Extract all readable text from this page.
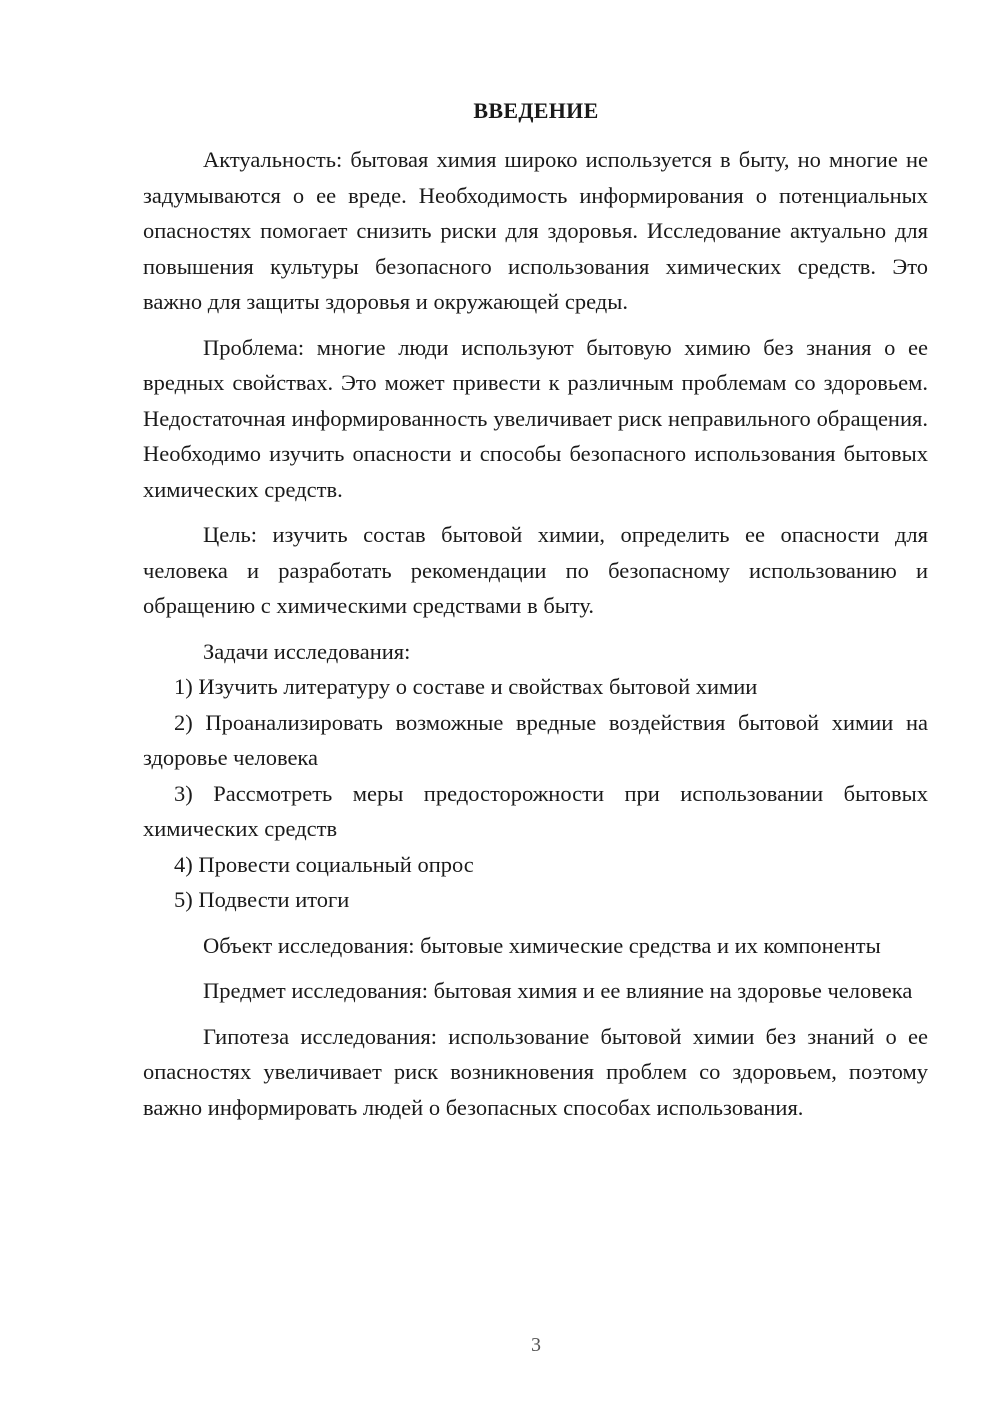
ВВЕДЕНИЕ

Актуальность: бытовая химия широко используется в быту, но многие не задумываются о ее вреде. Необходимость информирования о потенциальных опасностях помогает снизить риски для здоровья. Исследование актуально для повышения культуры безопасного использования химических средств. Это важно для защиты здоровья и окружающей среды.

Проблема: многие люди используют бытовую химию без знания о ее вредных свойствах. Это может привести к различным проблемам со здоровьем. Недостаточная информированность увеличивает риск неправильного обращения. Необходимо изучить опасности и способы безопасного использования бытовых химических средств.

Цель: изучить состав бытовой химии, определить ее опасности для человека и разработать рекомендации по безопасному использованию и обращению с химическими средствами в быту.

Задачи исследования:

1) Изучить литературу о составе и свойствах бытовой химии

2) Проанализировать возможные вредные воздействия бытовой химии на здоровье человека

3) Рассмотреть меры предосторожности при использовании бытовых химических средств

4) Провести социальный опрос

5) Подвести итоги

Объект исследования: бытовые химические средства и их компоненты

Предмет исследования: бытовая химия и ее влияние на здоровье человека

Гипотеза исследования: использование бытовой химии без знаний о ее опасностях увеличивает риск возникновения проблем со здоровьем, поэтому важно информировать людей о безопасных способах использования.

3
